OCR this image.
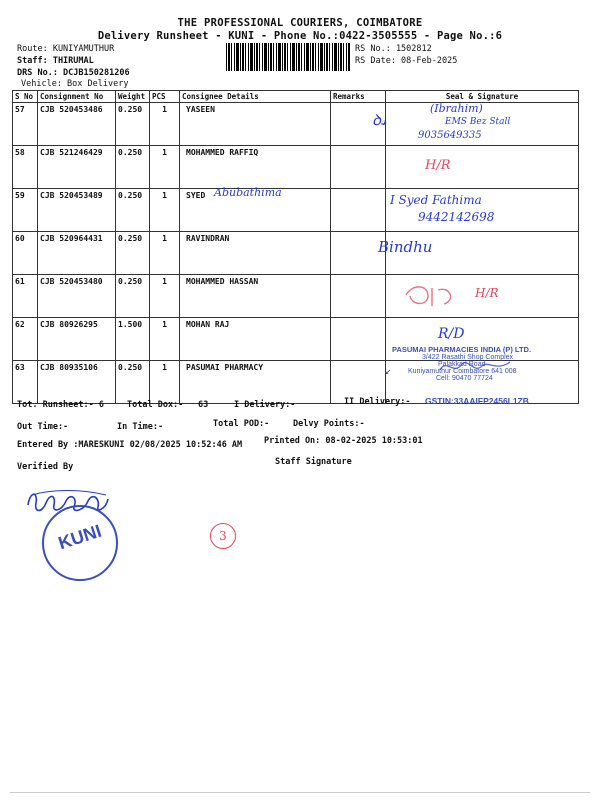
THE PROFESSIONAL COURIERS, COIMBATORE
Delivery Runsheet - KUNI - Phone No.:0422-3505555 - Page No.:6
Route: KUNIYAMUTHUR
Staff: THIRUMAL
DRS No.: DCJB150281206
Vehicle: Box Delivery
RS No.: 1502812
RS Date: 08-Feb-2025
S No	Consignment No	Weight	PCS	Consignee Details	Remarks	Seal & Signature
57	CJB 520453486	0.250	1	YASEEN		
58	CJB 521246429	0.250	1	MOHAMMED RAFFIQ		
59	CJB 520453489	0.250	1	SYED		
60	CJB 520964431	0.250	1	RAVINDRAN		
61	CJB 520453480	0.250	1	MOHAMMED HASSAN		
62	CJB 80926295	1.500	1	MOHAN RAJ		
63	CJB 80935106	0.250	1	PASUMAI PHARMACY		
ꝺ𝓈
(Ibrahim)
EMS Bez Stall
9035649335
H/R
Abubathima
I Syed Fathima
9442142698
Bindhu
H/R
R/D
PASUMAI PHARMACIES INDIA (P) LTD.
3/422 Rasathi Shop Complex
Palakkad Road
Kuniyamuthur Coimbatore 641 008
Cell: 90470 77724
↙
Tot. Runsheet:- 6	Total Dox:- 63	I Delivery:-	II Delivery:- GSTIN:33AAIFP2456L1ZB
Out Time:-	In Time:-	Total POD:-	Delvy Points:-
Entered By :MARESKUNI 02/08/2025 10:52:46 AM	Printed On: 08-02-2025 10:53:01
Verified By	Staff Signature
KUNI	3
